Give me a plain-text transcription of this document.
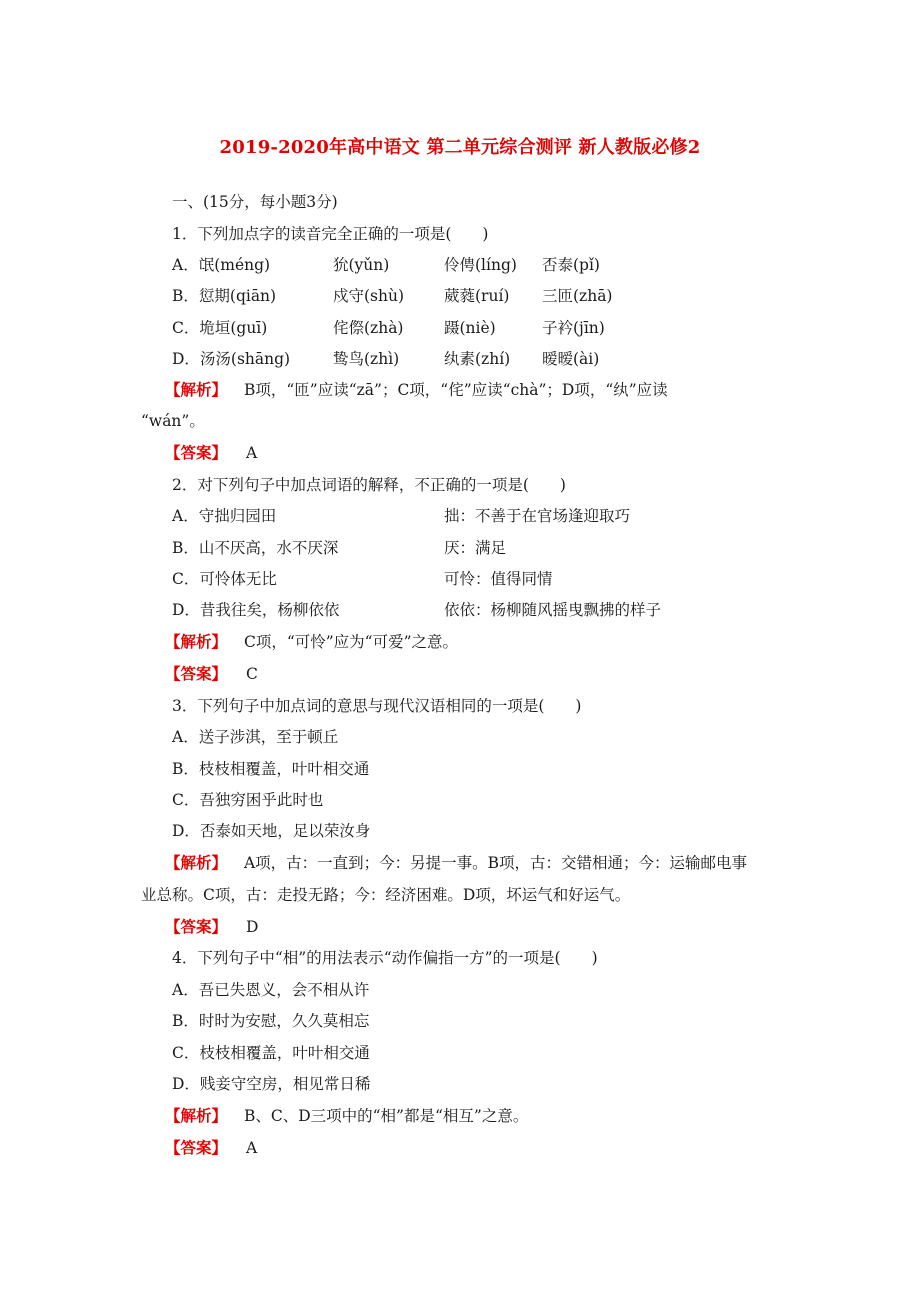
2019-2020年高中语文 第二单元综合测评 新人教版必修2
一、(15分，每小题3分)
1．下列加点字的读音完全正确的一项是(　　)
A．氓(méng)	狁(yǔn)	伶俜(líng) 否泰(pǐ)
B．愆期(qiān)	戍守(shù)	葳蕤(ruí) 三匝(zhā)
C．垝垣(guī)	侘傺(zhà)	蹑(niè)	子衿(jīn)
D．汤汤(shāng)	鸷鸟(zhì)	纨素(zhí) 暧暧(ài)
【解析】 B项，“匝”应读“zā”；C项，“侘”应读“chà”；D项，“纨”应读
“wán”。
【答案】 A
2．对下列句子中加点词语的解释，不正确的一项是(　　)
A．守拙归园田	拙：不善于在官场逢迎取巧
B．山不厌高，水不厌深	厌：满足
C．可怜体无比	可怜：值得同情
D．昔我往矣，杨柳依依	依依：杨柳随风摇曳飘拂的样子
【解析】 C项，“可怜”应为“可爱”之意。
【答案】 C
3．下列句子中加点词的意思与现代汉语相同的一项是(　　)
A．送子涉淇，至于顿丘
B．枝枝相覆盖，叶叶相交通
C．吾独穷困乎此时也
D．否泰如天地，足以荣汝身
【解析】 A项，古：一直到；今：另提一事。B项，古：交错相通；今：运输邮电事
业总称。C项，古：走投无路；今：经济困难。D项，坏运气和好运气。
【答案】 D
4．下列句子中“相”的用法表示“动作偏指一方”的一项是(　　)
A．吾已失恩义，会不相从许
B．时时为安慰，久久莫相忘
C．枝枝相覆盖，叶叶相交通
D．贱妾守空房，相见常日稀
【解析】 B、C、D三项中的“相”都是“相互”之意。
【答案】 A
